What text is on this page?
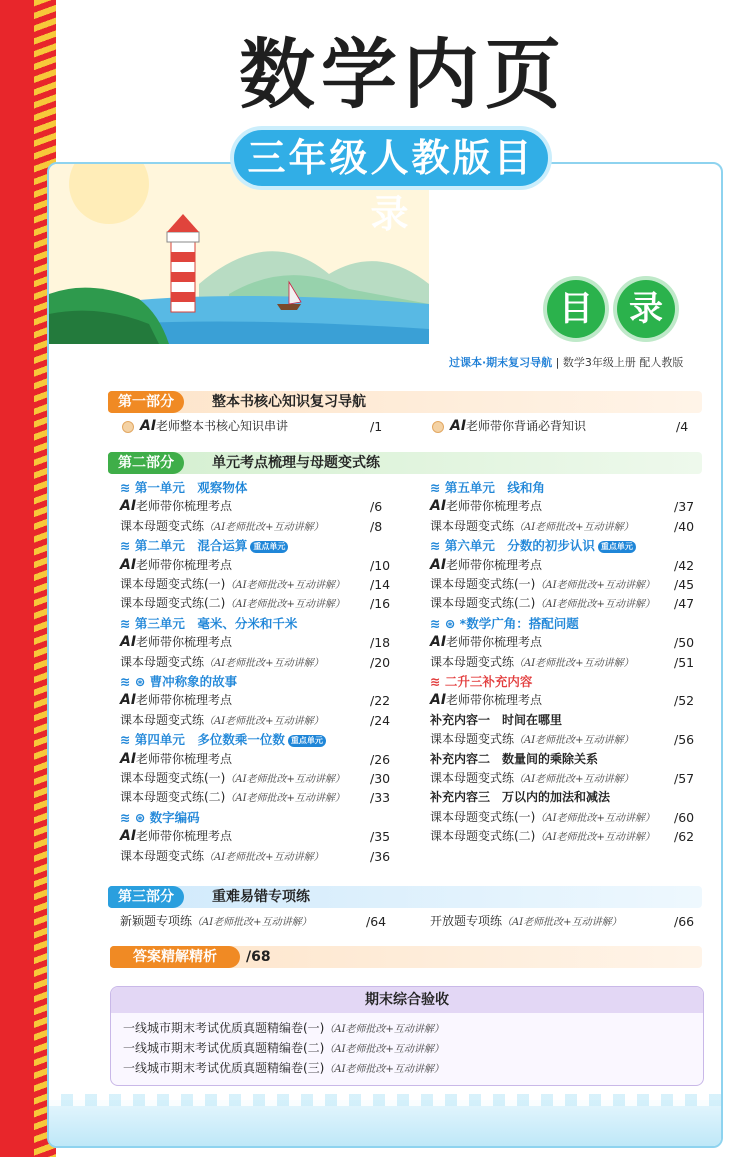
数学内页
目	录
过课本·期末复习导航 | 数学3年级上册 配人教版
三年级人教版目录
第一部分	整本书核心知识复习导航
AI老师整本书核心知识串讲	/1	AI老师带你背诵必背知识	/4
第二部分	单元考点梳理与母题变式练
≋ 第一单元　观察物体
AI老师带你梳理考点	/6
课本母题变式练（AI老师批改+互动讲解）	/8
≋ 第二单元　混合运算 重点单元
AI老师带你梳理考点	/10
课本母题变式练(一)（AI老师批改+互动讲解） /14
课本母题变式练(二)（AI老师批改+互动讲解） /16
≋ 第三单元　毫米、分米和千米
AI老师带你梳理考点	/18
课本母题变式练（AI老师批改+互动讲解）	/20
≋ ⊛ 曹冲称象的故事
AI老师带你梳理考点	/22
课本母题变式练（AI老师批改+互动讲解）	/24
≋ 第四单元　多位数乘一位数 重点单元
AI老师带你梳理考点	/26
课本母题变式练(一)（AI老师批改+互动讲解） /30
课本母题变式练(二)（AI老师批改+互动讲解） /33
≋ ⊛ 数字编码
AI老师带你梳理考点	/35
课本母题变式练（AI老师批改+互动讲解）	/36
≋ 第五单元　线和角
AI老师带你梳理考点	/37
课本母题变式练（AI老师批改+互动讲解）	/40
≋ 第六单元　分数的初步认识 重点单元
AI老师带你梳理考点	/42
课本母题变式练(一)（AI老师批改+互动讲解） /45
课本母题变式练(二)（AI老师批改+互动讲解） /47
≋ ⊛ *数学广角：搭配问题
AI老师带你梳理考点	/50
课本母题变式练（AI老师批改+互动讲解）	/51
≋ 二升三补充内容
AI老师带你梳理考点	/52
补充内容一　时间在哪里
课本母题变式练（AI老师批改+互动讲解）	/56
补充内容二　数量间的乘除关系
课本母题变式练（AI老师批改+互动讲解）	/57
补充内容三　万以内的加法和减法
课本母题变式练(一)（AI老师批改+互动讲解） /60
课本母题变式练(二)（AI老师批改+互动讲解） /62
第三部分	重难易错专项练
新颖题专项练（AI老师批改+互动讲解）	/64	开放题专项练（AI老师批改+互动讲解）	/66
答案精解精析	/68
期末综合验收
一线城市期末考试优质真题精编卷(一)（AI老师批改+互动讲解）
一线城市期末考试优质真题精编卷(二)（AI老师批改+互动讲解）
一线城市期末考试优质真题精编卷(三)（AI老师批改+互动讲解）
